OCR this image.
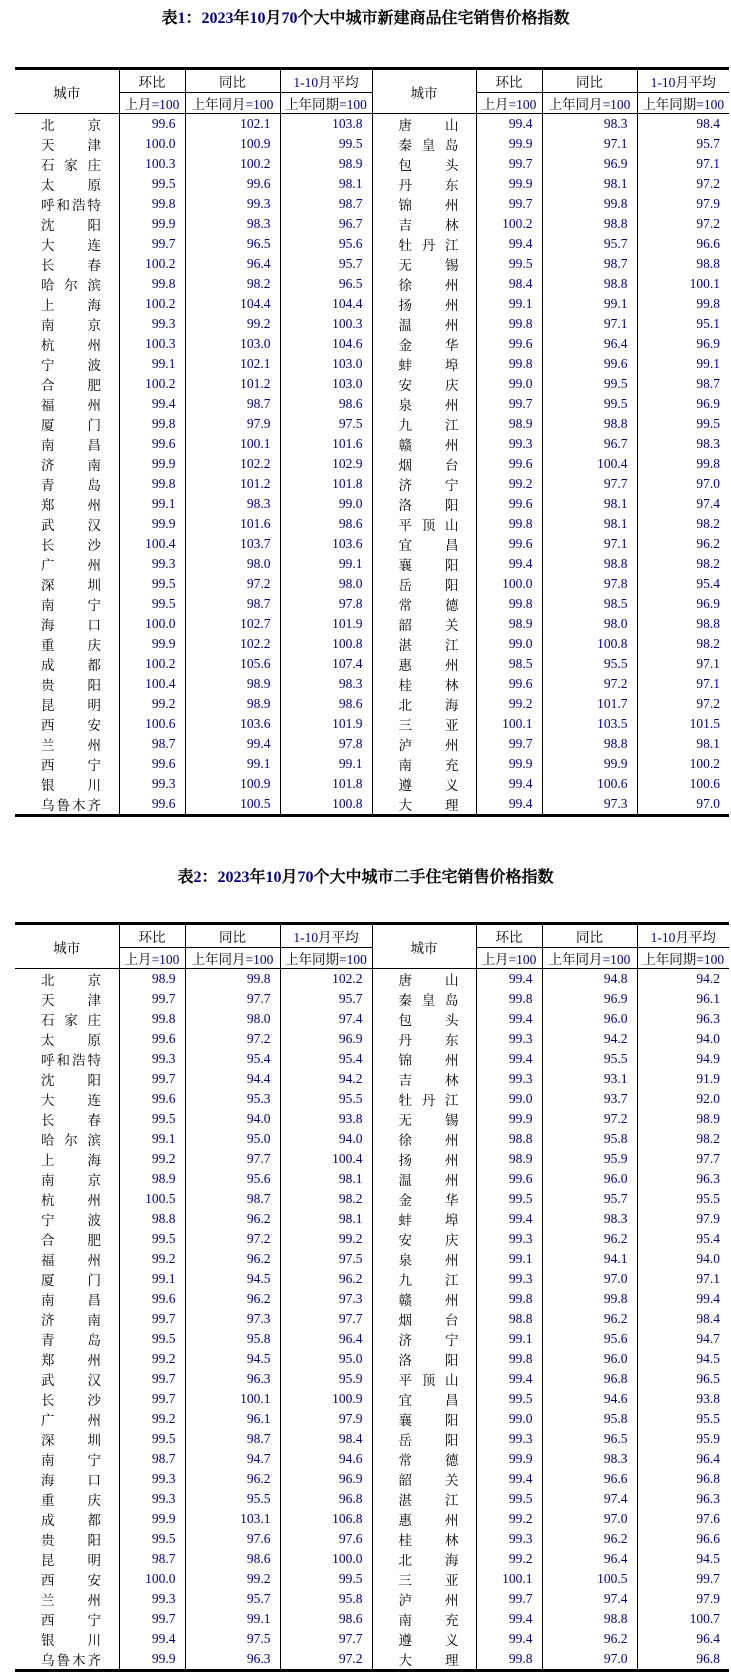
表1：2023年10月70个大中城市新建商品住宅销售价格指数
城市	环比	同比	1-10月平均	城市	环比	同比	1-10月平均
	上月=100	上年同月=100	上年同期=100		上月=100	上年同月=100	上年同期=100
北京	99.6	102.1	103.8	唐山	99.4	98.3	98.4
天津	100.0	100.9	99.5	秦皇岛	99.9	97.1	95.7
石家庄	100.3	100.2	98.9	包头	99.7	96.9	97.1
太原	99.5	99.6	98.1	丹东	99.9	98.1	97.2
呼和浩特	99.8	99.3	98.7	锦州	99.7	99.8	97.9
沈阳	99.9	98.3	96.7	吉林	100.2	98.8	97.2
大连	99.7	96.5	95.6	牡丹江	99.4	95.7	96.6
长春	100.2	96.4	95.7	无锡	99.5	98.7	98.8
哈尔滨	99.8	98.2	96.5	徐州	98.4	98.8	100.1
上海	100.2	104.4	104.4	扬州	99.1	99.1	99.8
南京	99.3	99.2	100.3	温州	99.8	97.1	95.1
杭州	100.3	103.0	104.6	金华	99.6	96.4	96.9
宁波	99.1	102.1	103.0	蚌埠	99.8	99.6	99.1
合肥	100.2	101.2	103.0	安庆	99.0	99.5	98.7
福州	99.4	98.7	98.6	泉州	99.7	99.5	96.9
厦门	99.8	97.9	97.5	九江	98.9	98.8	99.5
南昌	99.6	100.1	101.6	赣州	99.3	96.7	98.3
济南	99.9	102.2	102.9	烟台	99.6	100.4	99.8
青岛	99.8	101.2	101.8	济宁	99.2	97.7	97.0
郑州	99.1	98.3	99.0	洛阳	99.6	98.1	97.4
武汉	99.9	101.6	98.6	平顶山	99.8	98.1	98.2
长沙	100.4	103.7	103.6	宜昌	99.6	97.1	96.2
广州	99.3	98.0	99.1	襄阳	99.4	98.8	98.2
深圳	99.5	97.2	98.0	岳阳	100.0	97.8	95.4
南宁	99.5	98.7	97.8	常德	99.8	98.5	96.9
海口	100.0	102.7	101.9	韶关	98.9	98.0	98.8
重庆	99.9	102.2	100.8	湛江	99.0	100.8	98.2
成都	100.2	105.6	107.4	惠州	98.5	95.5	97.1
贵阳	100.4	98.9	98.3	桂林	99.6	97.2	97.1
昆明	99.2	98.9	98.6	北海	99.2	101.7	97.2
西安	100.6	103.6	101.9	三亚	100.1	103.5	101.5
兰州	98.7	99.4	97.8	泸州	99.7	98.8	98.1
西宁	99.6	99.1	99.1	南充	99.9	99.9	100.2
银川	99.3	100.9	101.8	遵义	99.4	100.6	100.6
乌鲁木齐	99.6	100.5	100.8	大理	99.4	97.3	97.0
表2：2023年10月70个大中城市二手住宅销售价格指数
城市	环比	同比	1-10月平均	城市	环比	同比	1-10月平均
	上月=100	上年同月=100	上年同期=100		上月=100	上年同月=100	上年同期=100
北京	98.9	99.8	102.2	唐山	99.4	94.8	94.2
天津	99.7	97.7	95.7	秦皇岛	99.8	96.9	96.1
石家庄	99.8	98.0	97.4	包头	99.4	96.0	96.3
太原	99.6	97.2	96.9	丹东	99.3	94.2	94.0
呼和浩特	99.3	95.4	95.4	锦州	99.4	95.5	94.9
沈阳	99.7	94.4	94.2	吉林	99.3	93.1	91.9
大连	99.6	95.3	95.5	牡丹江	99.0	93.7	92.0
长春	99.5	94.0	93.8	无锡	99.9	97.2	98.9
哈尔滨	99.1	95.0	94.0	徐州	98.8	95.8	98.2
上海	99.2	97.7	100.4	扬州	98.9	95.9	97.7
南京	98.9	95.6	98.1	温州	99.6	96.0	96.3
杭州	100.5	98.7	98.2	金华	99.5	95.7	95.5
宁波	98.8	96.2	98.1	蚌埠	99.4	98.3	97.9
合肥	99.5	97.2	99.2	安庆	99.3	96.2	95.4
福州	99.2	96.2	97.5	泉州	99.1	94.1	94.0
厦门	99.1	94.5	96.2	九江	99.3	97.0	97.1
南昌	99.6	96.2	97.3	赣州	99.8	99.8	99.4
济南	99.7	97.3	97.7	烟台	98.8	96.2	98.4
青岛	99.5	95.8	96.4	济宁	99.1	95.6	94.7
郑州	99.2	94.5	95.0	洛阳	99.8	96.0	94.5
武汉	99.7	96.3	95.9	平顶山	99.4	96.8	96.5
长沙	99.7	100.1	100.9	宜昌	99.5	94.6	93.8
广州	99.2	96.1	97.9	襄阳	99.0	95.8	95.5
深圳	99.5	98.7	98.4	岳阳	99.3	96.5	95.9
南宁	98.7	94.7	94.6	常德	99.9	98.3	96.4
海口	99.3	96.2	96.9	韶关	99.4	96.6	96.8
重庆	99.3	95.5	96.8	湛江	99.5	97.4	96.3
成都	99.9	103.1	106.8	惠州	99.2	97.0	97.6
贵阳	99.5	97.6	97.6	桂林	99.3	96.2	96.6
昆明	98.7	98.6	100.0	北海	99.2	96.4	94.5
西安	100.0	99.2	99.5	三亚	100.1	100.5	99.7
兰州	99.3	95.7	95.8	泸州	99.7	97.4	97.9
西宁	99.7	99.1	98.6	南充	99.4	98.8	100.7
银川	99.4	97.5	97.7	遵义	99.4	96.2	96.4
乌鲁木齐	99.9	96.3	97.2	大理	99.8	97.0	96.8
